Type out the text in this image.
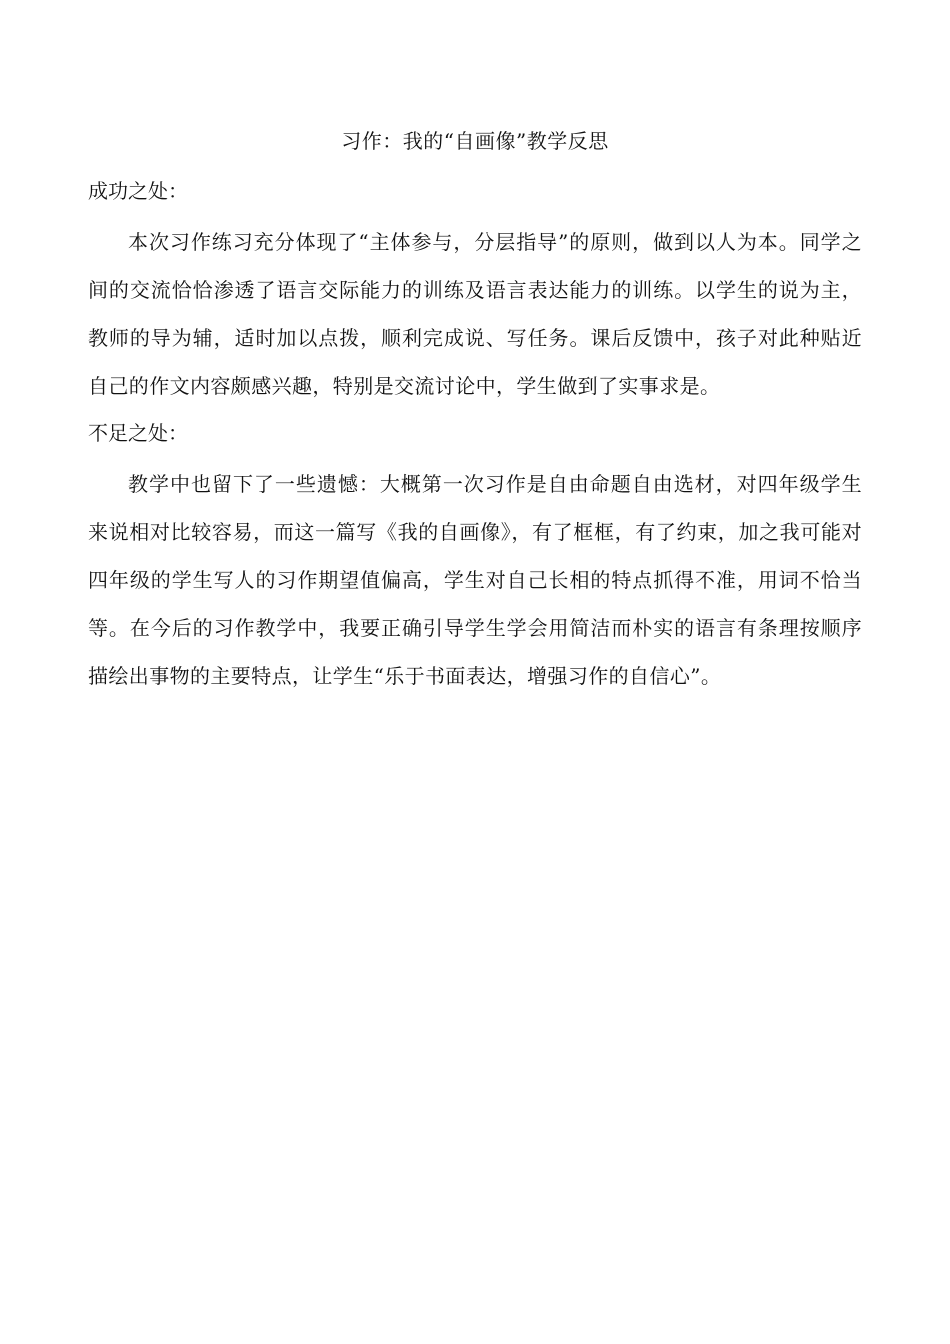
习作：我的“自画像”教学反思
成功之处：

本次习作练习充分体现了“主体参与，分层指导”的原则，做到以人为本。同学之间的交流恰恰渗透了语言交际能力的训练及语言表达能力的训练。以学生的说为主，教师的导为辅，适时加以点拨，顺利完成说、写任务。课后反馈中，孩子对此种贴近自己的作文内容颇感兴趣，特别是交流讨论中，学生做到了实事求是。

不足之处：

教学中也留下了一些遗憾：大概第一次习作是自由命题自由选材，对四年级学生来说相对比较容易，而这一篇写《我的自画像》，有了框框，有了约束，加之我可能对四年级的学生写人的习作期望值偏高，学生对自己长相的特点抓得不准，用词不恰当等。在今后的习作教学中，我要正确引导学生学会用简洁而朴实的语言有条理按顺序描绘出事物的主要特点，让学生“乐于书面表达，增强习作的自信心”。
